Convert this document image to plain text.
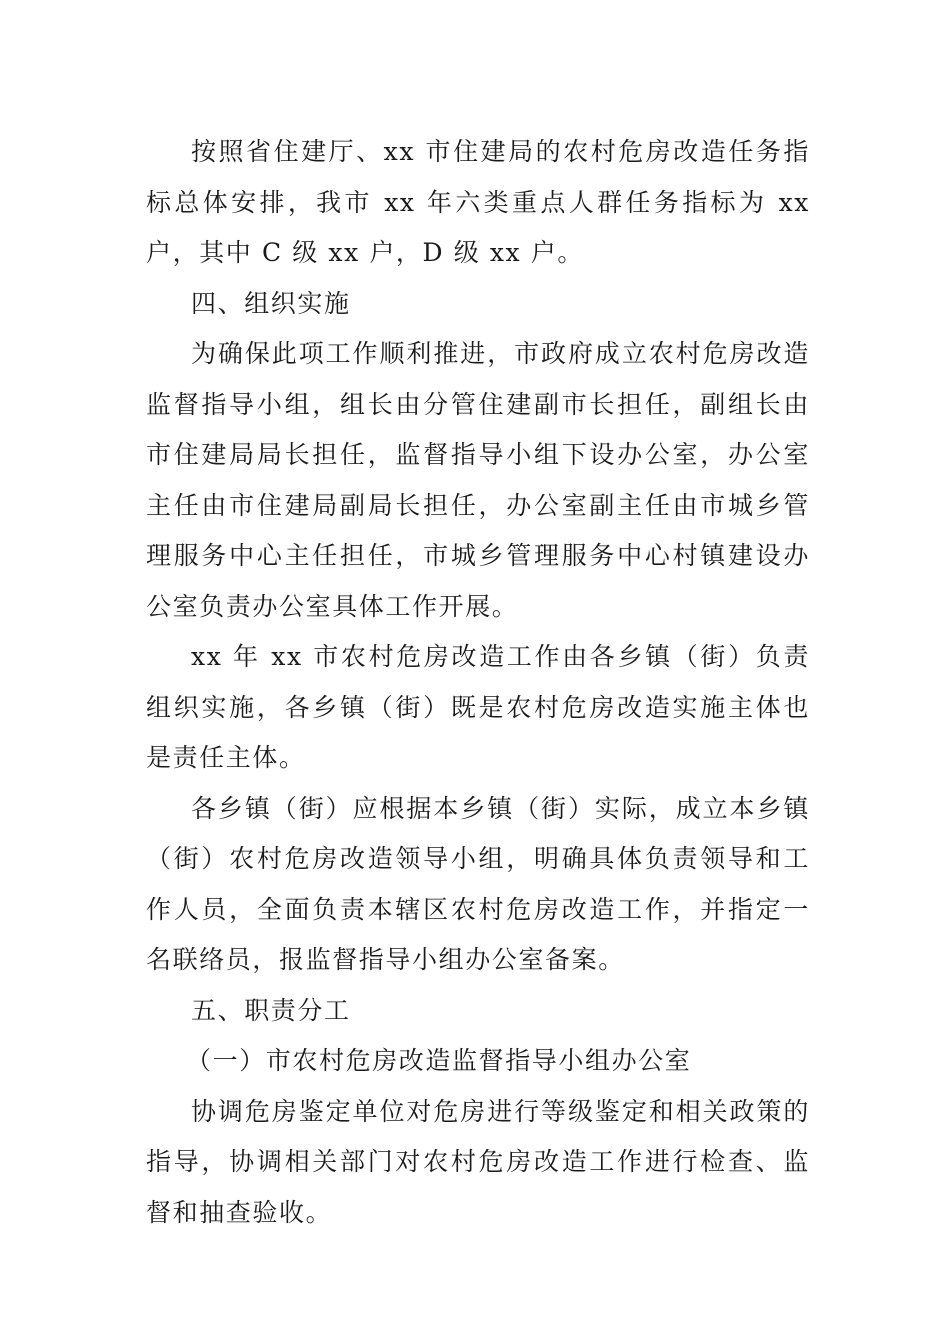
按照省住建厅、xx 市住建局的农村危房改造任务指标总体安排，我市 xx 年六类重点人群任务指标为 xx 户，其中 C 级 xx 户，D 级 xx 户。

四、组织实施

为确保此项工作顺利推进，市政府成立农村危房改造监督指导小组，组长由分管住建副市长担任，副组长由市住建局局长担任，监督指导小组下设办公室，办公室主任由市住建局副局长担任，办公室副主任由市城乡管理服务中心主任担任，市城乡管理服务中心村镇建设办公室负责办公室具体工作开展。

xx 年 xx 市农村危房改造工作由各乡镇（街）负责组织实施，各乡镇（街）既是农村危房改造实施主体也是责任主体。

各乡镇（街）应根据本乡镇（街）实际，成立本乡镇（街）农村危房改造领导小组，明确具体负责领导和工作人员，全面负责本辖区农村危房改造工作，并指定一名联络员，报监督指导小组办公室备案。

五、职责分工

（一）市农村危房改造监督指导小组办公室

协调危房鉴定单位对危房进行等级鉴定和相关政策的指导，协调相关部门对农村危房改造工作进行检查、监督和抽查验收。
